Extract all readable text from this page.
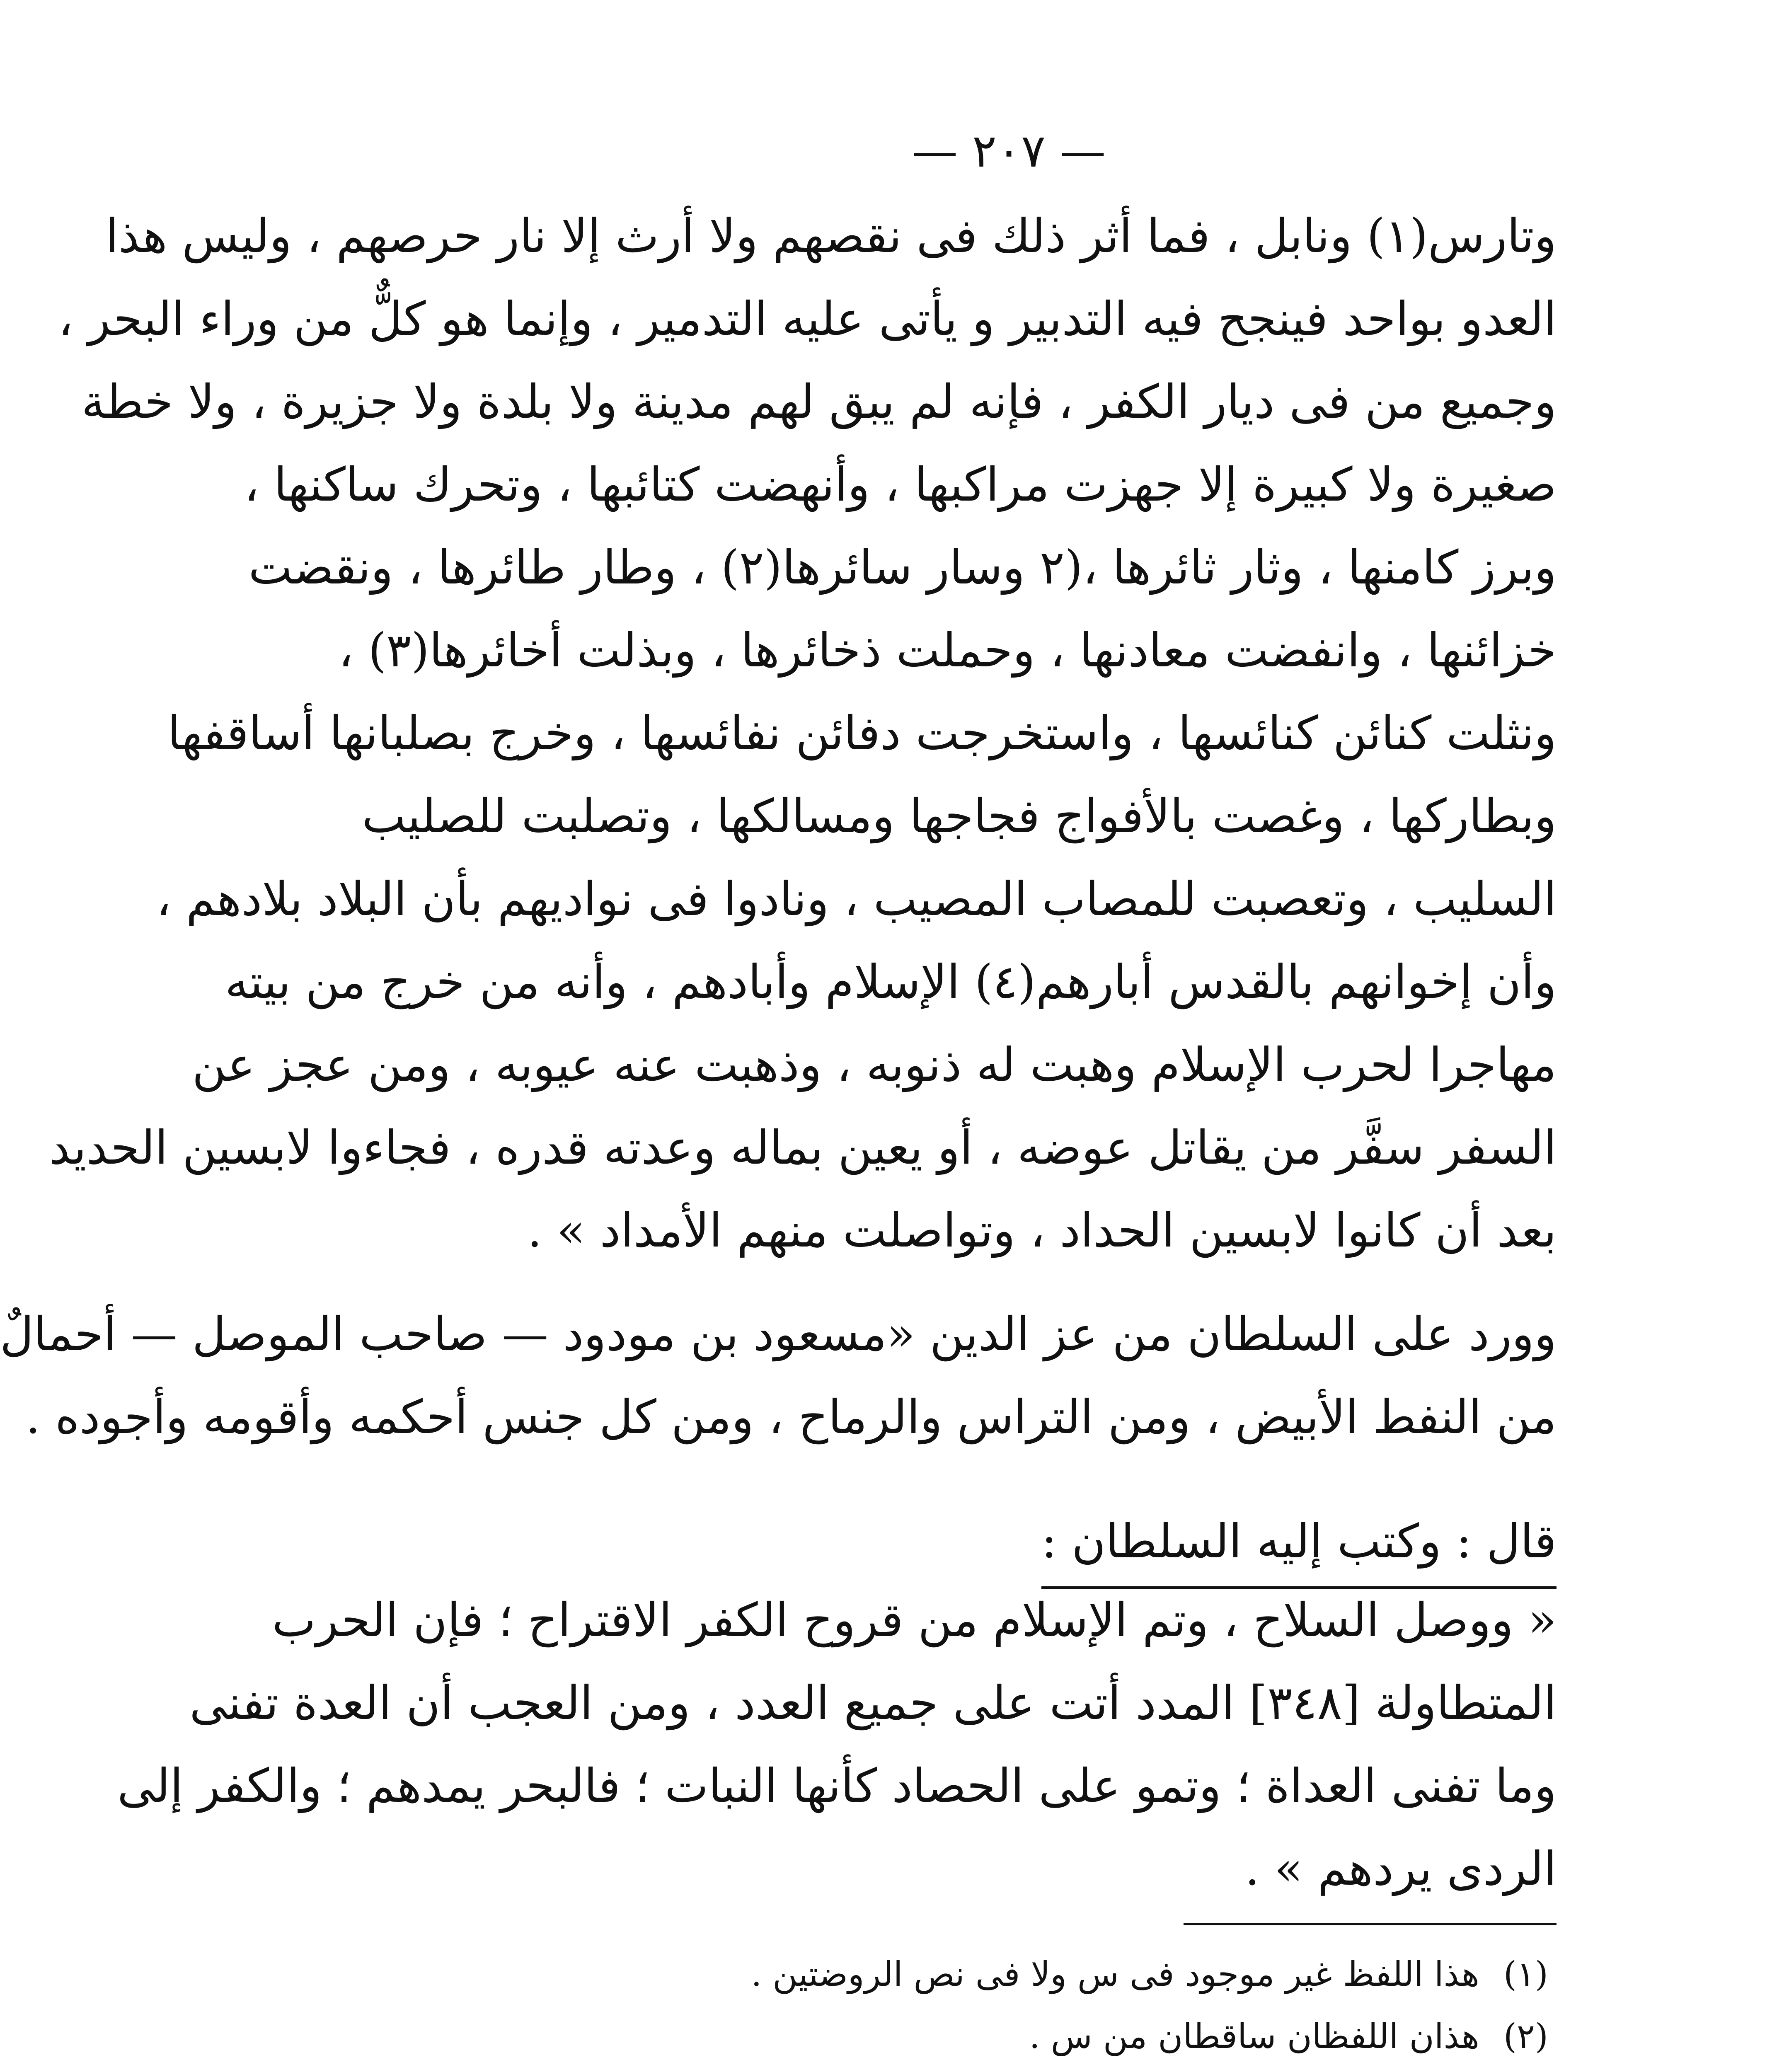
— ٢٠٧ —
وتارس(١) ونابل ، فما أثر ذلك فى نقصهم ولا أرث إلا نار حرصهم ، وليس هذا
العدو بواحد فينجح فيه التدبير و يأتى عليه التدمير ، وإنما هو كلٌّ من وراء البحر ،
وجميع من فى ديار الكفر ، فإنه لم يبق لهم مدينة ولا بلدة ولا جزيرة ، ولا خطة
صغيرة ولا كبيرة إلا جهزت مراكبها ، وأنهضت كتائبها ، وتحرك ساكنها ،
وبرز كامنها ، وثار ثائرها ،(٢ وسار سائرها(٢) ، وطار طائرها ، ونقضت
خزائنها ، وانفضت معادنها ، وحملت ذخائرها ، وبذلت أخائرها(٣) ،
ونثلت كنائن كنائسها ، واستخرجت دفائن نفائسها ، وخرج بصلبانها أساقفها
وبطاركها ، وغصت بالأفواج فجاجها ومسالكها ، وتصلبت للصليب
السليب ، وتعصبت للمصاب المصيب ، ونادوا فى نواديهم بأن البلاد بلادهم ،
وأن إخوانهم بالقدس أبارهم(٤) الإسلام وأبادهم ، وأنه من خرج من بيته
مهاجرا لحرب الإسلام وهبت له ذنوبه ، وذهبت عنه عيوبه ، ومن عجز عن
السفر سفَّر من يقاتل عوضه ، أو يعين بماله وعدته قدره ، فجاءوا لابسين الحديد
بعد أن كانوا لابسين الحداد ، وتواصلت منهم الأمداد » .
وورد على السلطان من عز الدين «مسعود بن مودود — صاحب الموصل — أحمالٌ
من النفط الأبيض ، ومن التراس والرماح ، ومن كل جنس أحكمه وأقومه وأجوده .
قال : وكتب إليه السلطان :
« ووصل السلاح ، وتم الإسلام من قروح الكفر الاقتراح ؛ فإن الحرب
المتطاولة [٣٤٨] المدد أتت على جميع العدد ، ومن العجب أن العدة تفنى
وما تفنى العداة ؛ وتمو على الحصاد كأنها النبات ؛ فالبحر يمدهم ؛ والكفر إلى
الردى يردهم » .
(١) هذا اللفظ غير موجود فى س ولا فى نص الروضتين .
(٢) هذان اللفظان ساقطان من س .
